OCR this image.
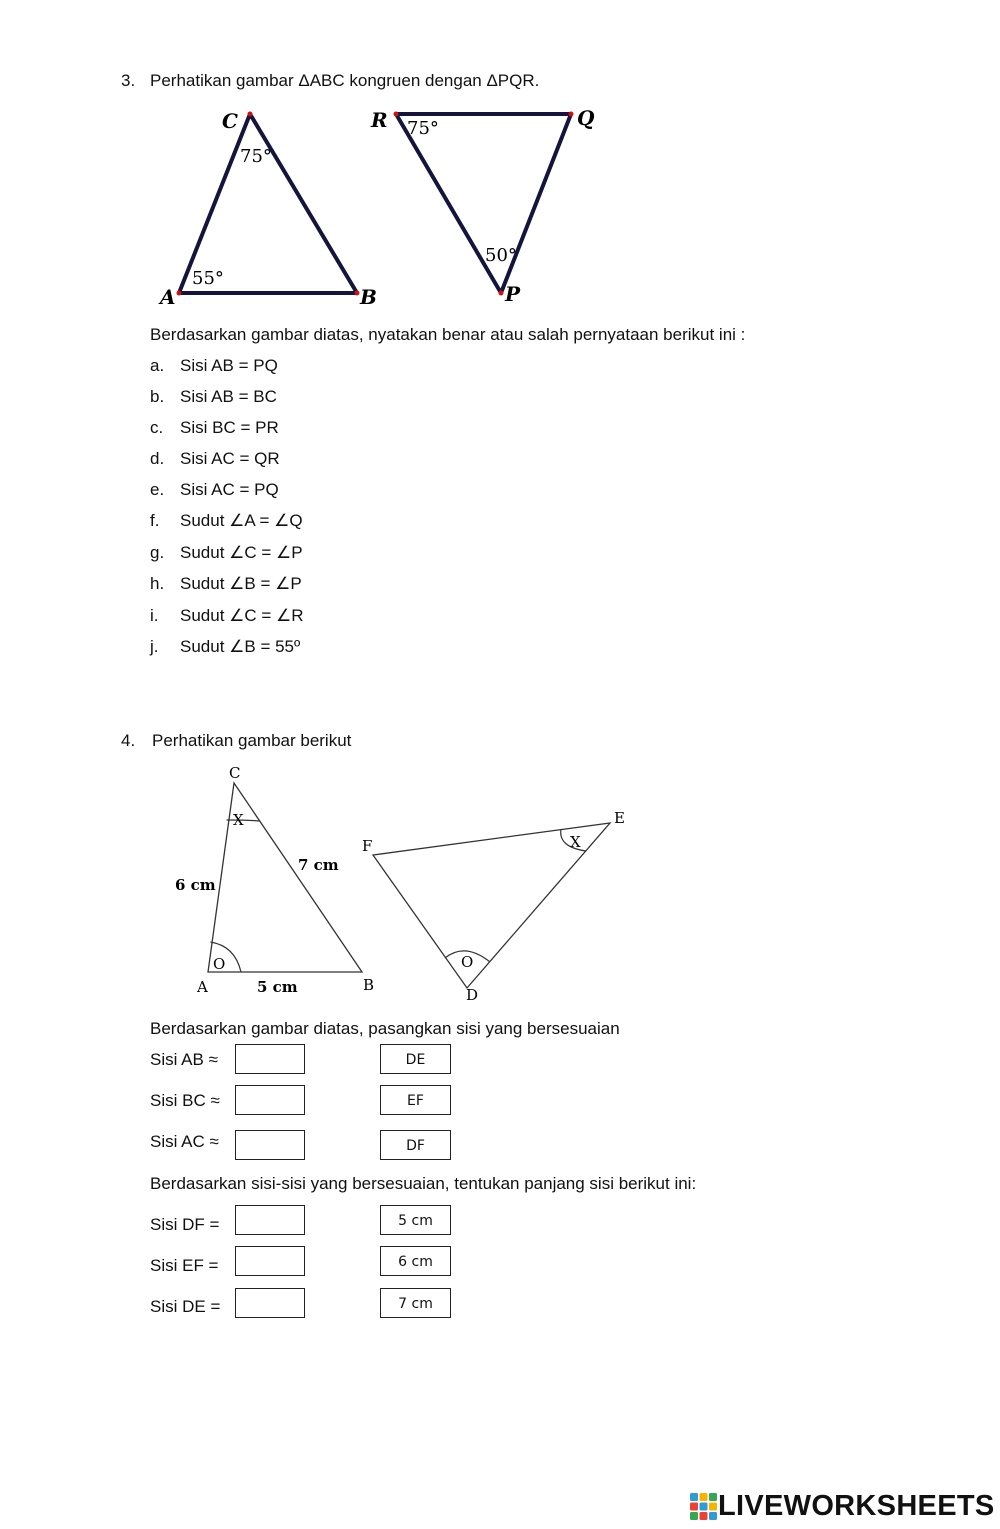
3. Perhatikan gambar ΔABC kongruen dengan ΔPQR.
A	B
C
55°
75°
R	Q
P
75°
50°
Berdasarkan gambar diatas, nyatakan benar atau salah pernyataan berikut ini :
a. Sisi AB = PQ
b. Sisi AB = BC
c. Sisi BC = PR
d. Sisi AC = QR
e. Sisi AC = PQ
f. Sudut ∠A = ∠Q
g. Sudut ∠C = ∠P
h. Sudut ∠B = ∠P
i. Sudut ∠C = ∠R
j. Sudut ∠B = 55º
4. Perhatikan gambar berikut
C
A	B
6 cm
5 cm
7 cm
X
O
F
E
D
X
O
Berdasarkan gambar diatas, pasangkan sisi yang bersesuaian
Sisi AB ≈	DE
Sisi BC ≈	EF
Sisi AC ≈	DF
Berdasarkan sisi-sisi yang bersesuaian, tentukan panjang sisi berikut ini:
Sisi DF =	5 cm
Sisi EF =	6 cm
Sisi DE =	7 cm
LIVEWORKSHEETS
